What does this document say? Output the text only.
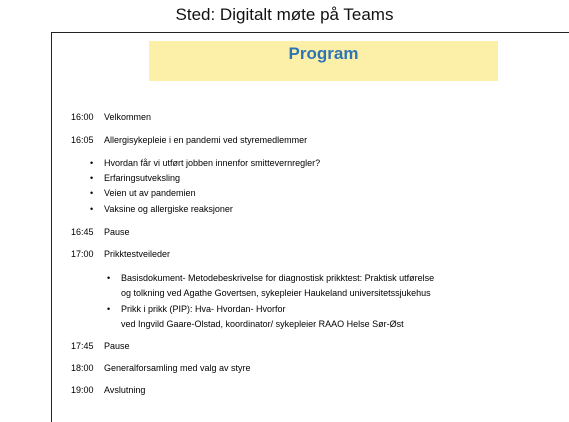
Sted: Digitalt møte på Teams
Program
16:00 Velkommen
16:05 Allergisykepleie i en pandemi ved styremedlemmer
• Hvordan får vi utført jobben innenfor smittevernregler?
• Erfaringsutveksling
• Veien ut av pandemien
• Vaksine og allergiske reaksjoner
16:45 Pause
17:00 Prikktestveileder
• Basisdokument- Metodebeskrivelse for diagnostisk prikktest: Praktisk utførelse
og tolkning ved Agathe Govertsen, sykepleier Haukeland universitetssjukehus
• Prikk i prikk (PIP): Hva- Hvordan- Hvorfor
ved Ingvild Gaare-Olstad, koordinator/ sykepleier RAAO Helse Sør-Øst
17:45 Pause
18:00 Generalforsamling med valg av styre
19:00 Avslutning
